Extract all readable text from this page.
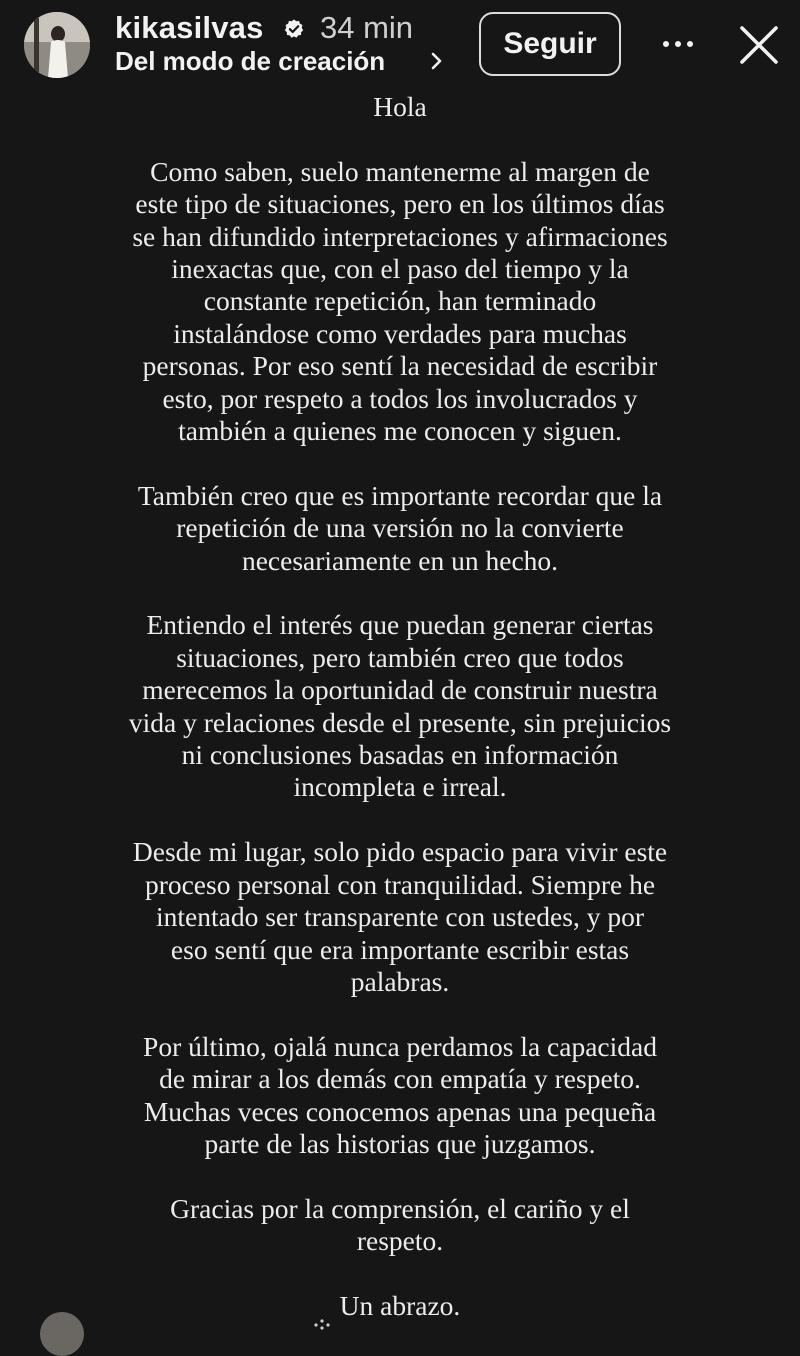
kikasilvas 34 min
Del modo de creación
Seguir

Hola

Como saben, suelo mantenerme al margen de
este tipo de situaciones, pero en los últimos días
se han difundido interpretaciones y afirmaciones
inexactas que, con el paso del tiempo y la
constante repetición, han terminado
instalándose como verdades para muchas
personas. Por eso sentí la necesidad de escribir
esto, por respeto a todos los involucrados y
también a quienes me conocen y siguen.

También creo que es importante recordar que la
repetición de una versión no la convierte
necesariamente en un hecho.

Entiendo el interés que puedan generar ciertas
situaciones, pero también creo que todos
merecemos la oportunidad de construir nuestra
vida y relaciones desde el presente, sin prejuicios
ni conclusiones basadas en información
incompleta e irreal.

Desde mi lugar, solo pido espacio para vivir este
proceso personal con tranquilidad. Siempre he
intentado ser transparente con ustedes, y por
eso sentí que era importante escribir estas
palabras.

Por último, ojalá nunca perdamos la capacidad
de mirar a los demás con empatía y respeto.
Muchas veces conocemos apenas una pequeña
parte de las historias que juzgamos.

Gracias por la comprensión, el cariño y el
respeto.

Un abrazo.
